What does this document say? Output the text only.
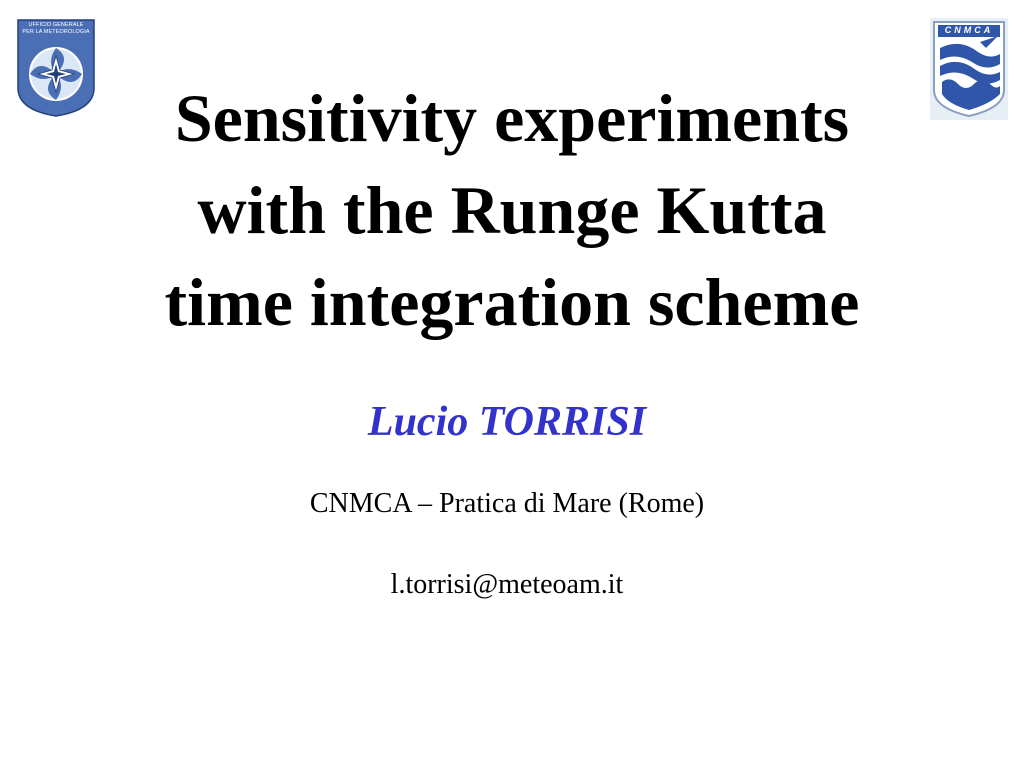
UFFICIO GENERALE
PER LA METEOROLOGIA	CNMCA
Sensitivity experiments
with the Runge Kutta
time integration scheme
Lucio TORRISI
CNMCA – Pratica di Mare (Rome)
l.torrisi@meteoam.it
